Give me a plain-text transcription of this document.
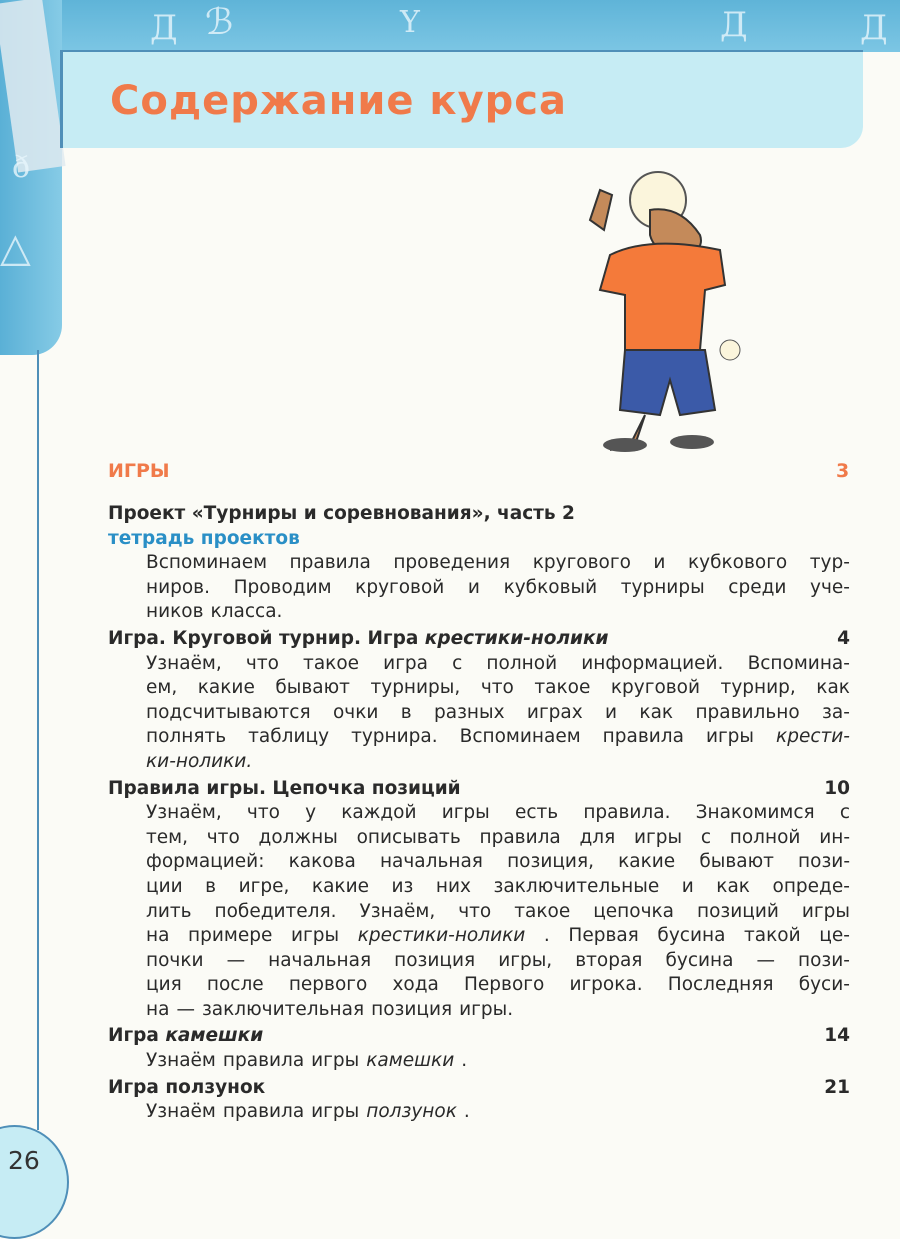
Д ℬ	Y	Д	Д
ð
△
Содержание курса
26
ИГРЫ	3
Проект «Турниры и соревнования», часть 2
тетрадь проектов
Вспоминаем правила проведения кругового и кубкового тур-
ниров. Проводим круговой и кубковый турниры среди уче-
ников класса.
Игра. Круговой турнир. Игра крестики-нолики	4
Узнаём, что такое игра с полной информацией. Вспомина-
ем, какие бывают турниры, что такое круговой турнир, как
подсчитываются очки в разных играх и как правильно за-
полнять таблицу турнира. Вспоминаем правила игры крести-
ки-нолики.
Правила игры. Цепочка позиций	10
Узнаём, что у каждой игры есть правила. Знакомимся с
тем, что должны описывать правила для игры с полной ин-
формацией: какова начальная позиция, какие бывают пози-
ции в игре, какие из них заключительные и как опреде-
лить победителя. Узнаём, что такое цепочка позиций игры
на примере игры крестики-нолики . Первая бусина такой це-
почки — начальная позиция игры, вторая бусина — пози-
ция после первого хода Первого игрока. Последняя буси-
на — заключительная позиция игры.
Игра камешки	14
Узнаём правила игры камешки .
Игра ползунок	21
Узнаём правила игры ползунок .
